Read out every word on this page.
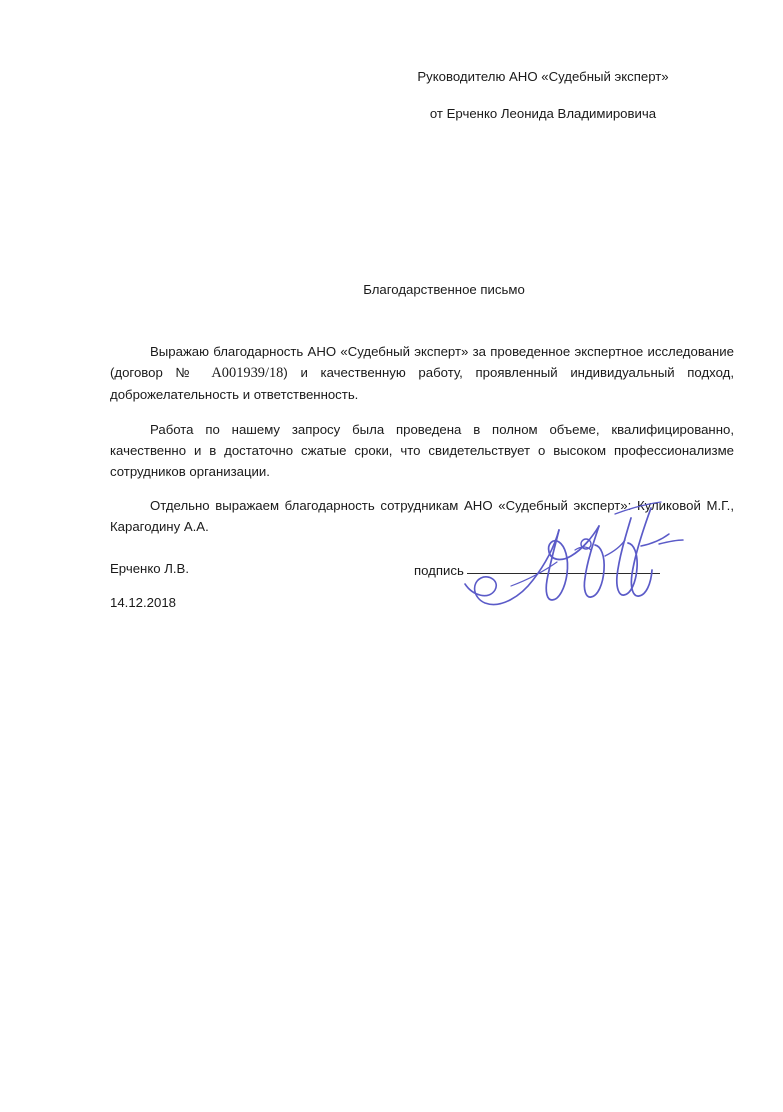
Руководителю АНО «Судебный эксперт»
от Ерченко Леонида Владимировича
Благодарственное письмо

Выражаю благодарность АНО «Судебный эксперт» за проведенное экспертное исследование (договор № А001939/18) и качественную работу, проявленный индивидуальный подход, доброжелательность и ответственность.

Работа по нашему запросу была проведена в полном объеме, квалифицированно, качественно и в достаточно сжатые сроки, что свидетельствует о высоком профессионализме сотрудников организации.

Отдельно выражаем благодарность сотрудникам АНО «Судебный эксперт»: Куликовой М.Г., Карагодину А.А.

Ерченко Л.В.
14.12.2018
подпись
